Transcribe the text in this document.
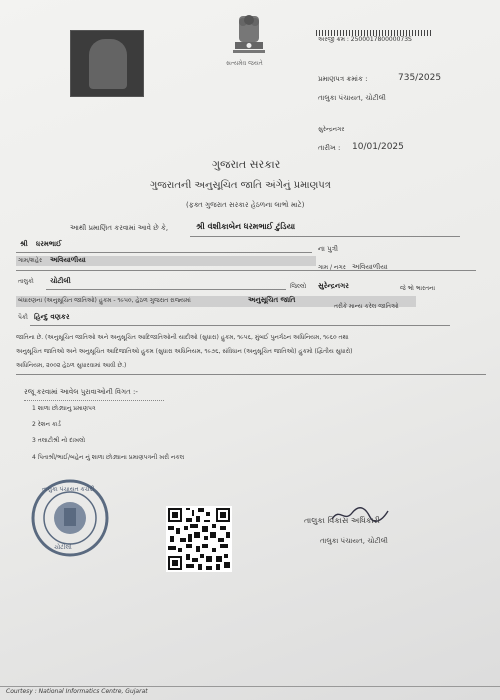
સત્યમેવ જયતે
અરજી ક્રમ : 250001780000073S
પ્રમાણપત્ર ક્રમાંક :	735/2025
તાલુકા પંચાયત, ચોટીલી
સુરેન્દ્રનગર
તારીખ : 10/01/2025
ગુજરાત સરકાર
ગુજરાતની અનુસૂચિત જાતિ અંગેનું પ્રમાણપત્ર
(ફક્ત ગુજરાત સરકાર હેઠળના લાભો માટે)
આથી પ્રમાણિત કરવામાં આવે છે કે,	શ્રી વંશીકાબેન ધરમભાઈ ટુંડિયા
શ્રી ધરમભાઈ
ના પુત્રી
ગામ/શહેર અવિયાળીયા
ગામ / નગર અવિયાળીયા
તાલુકો ચોટીલી
જિલ્લો સુરેન્દ્રનગર	જે ભો ભારતના
બંધારણના (અનુસૂચિત જાતિઓ) હુકમ - ૧૯૫૦, હેઠળ ગુજરાત રાજ્યમાં	અનુસૂચિત જાતિ
તરીકે માન્ય કરેલ જાતિઓ
પૈકી હિન્દુ વણકર
જાતિના છે. (અનુસૂચિત જાતિઓ અને અનુસૂચિત આદિજાતિઓની યાદીઓ (સુધારા) હુકમ, ૧૯૫૬, મુંબઈ પુનર્ગઠન અધિનિયમ, ૧૯૬૦ તથા
અનુસૂચિત જાતિઓ અને અનુસૂચિત આદિજાતિઓ હુકમ (સુધારા અધિનિયમ, ૧૯૭૬, સંવિધાન (અનુસૂચિત જાતિઓ) હુકમો (દ્વિતીય સુધારો)
અધિનિયમ, ૨૦૦૨ હેઠળ સુધારવામાં આવી છે.)
રજૂ કરવામાં આવેલ પુરાવાઓની વિગત :-
1 શાળા છોડ્યાનુ પ્રમાણપત્ર
2 રેશન કાર્ડ
3 તલાટીશ્રી નો દાખલો
4 પિતાશ્રી/ભાઈ/બહેન નું શાળા છોડ્યાના પ્રમાણપત્રની ખરી નકલ
તાલુકા પંચાયત કચેરી
ચોટીલી
તાલુકા વિકાસ અધિકારી
તાલુકા પંચાયત, ચોટીલી
Courtesy : National Informatics Centre, Gujarat
